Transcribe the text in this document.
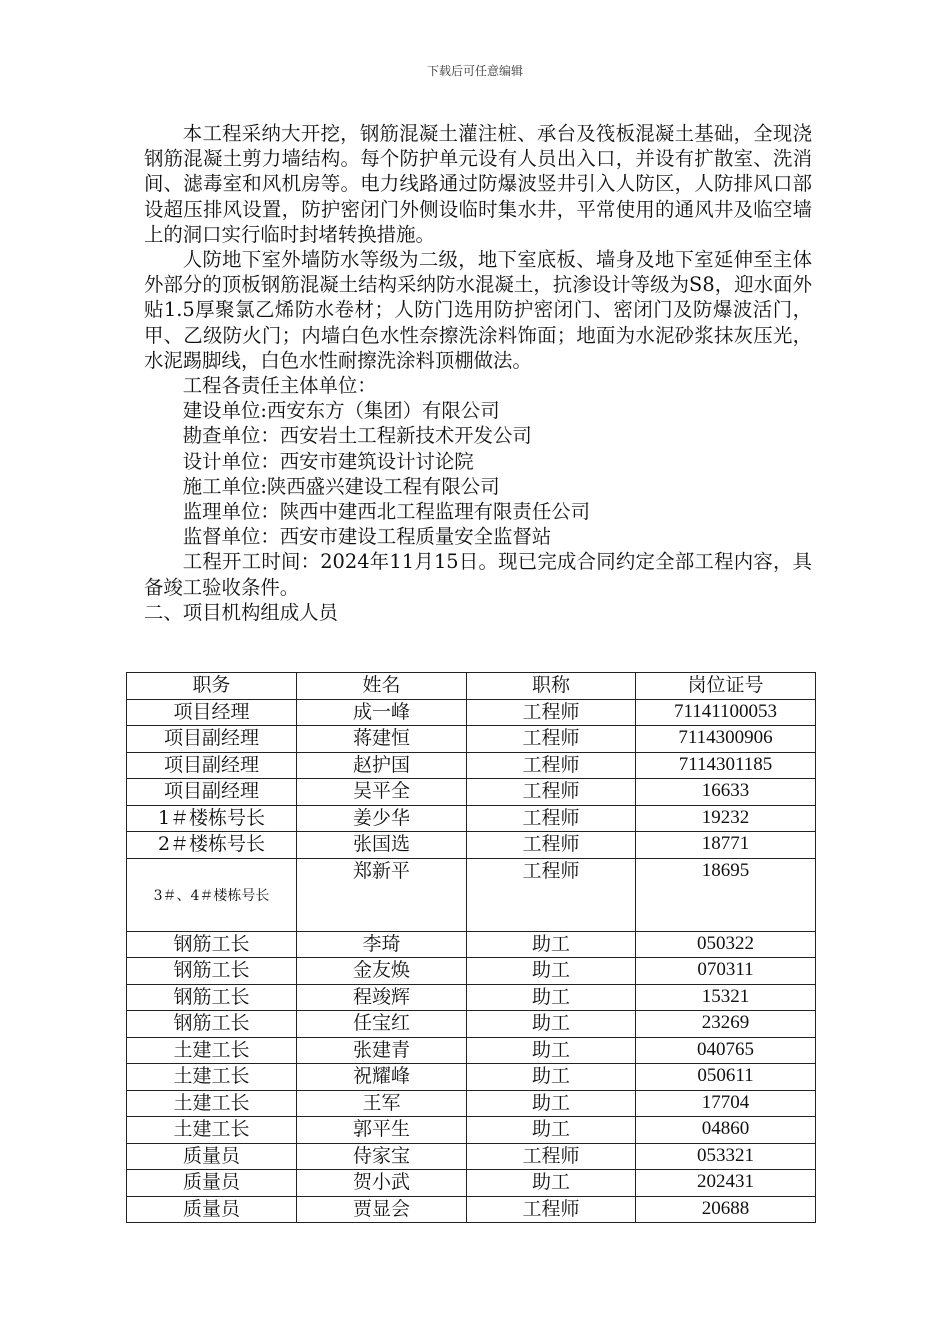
下载后可任意编辑

本工程采纳大开挖，钢筋混凝土灌注桩、承台及筏板混凝土基础，全现浇钢筋混凝土剪力墙结构。每个防护单元设有人员出入口，并设有扩散室、洗消间、滤毒室和风机房等。电力线路通过防爆波竖井引入人防区，人防排风口部设超压排风设置，防护密闭门外侧设临时集水井，平常使用的通风井及临空墙上的洞口实行临时封堵转换措施。

人防地下室外墙防水等级为二级，地下室底板、墙身及地下室延伸至主体外部分的顶板钢筋混凝土结构采纳防水混凝土，抗渗设计等级为S8，迎水面外贴1.5厚聚氯乙烯防水卷材；人防门选用防护密闭门、密闭门及防爆波活门，甲、乙级防火门；内墙白色水性奈擦洗涂料饰面；地面为水泥砂浆抹灰压光，水泥踢脚线，白色水性耐擦洗涂料顶棚做法。

工程各责任主体单位：

建设单位:西安东方（集团）有限公司

勘查单位：西安岩土工程新技术开发公司

设计单位：西安市建筑设计讨论院

施工单位:陕西盛兴建设工程有限公司

监理单位：陕西中建西北工程监理有限责任公司

监督单位：西安市建设工程质量安全监督站

工程开工时间：2024年11月15日。现已完成合同约定全部工程内容，具备竣工验收条件。

二、项目机构组成人员

职务	姓名	职称	岗位证号
项目经理	成一峰	工程师	71141100053
项目副经理	蒋建恒	工程师	7114300906
项目副经理	赵护国	工程师	7114301185
项目副经理	吴平全	工程师	16633
1＃楼栋号长	姜少华	工程师	19232
2＃楼栋号长	张国选	工程师	18771
3＃、4＃楼栋号长	郑新平	工程师	18695
钢筋工长	李琦	助工	050322
钢筋工长	金友焕	助工	070311
钢筋工长	程竣辉	助工	15321
钢筋工长	任宝红	助工	23269
土建工长	张建青	助工	040765
土建工长	祝耀峰	助工	050611
土建工长	王军	助工	17704
土建工长	郭平生	助工	04860
质量员	侍家宝	工程师	053321
质量员	贺小武	助工	202431
质量员	贾显会	工程师	20688
